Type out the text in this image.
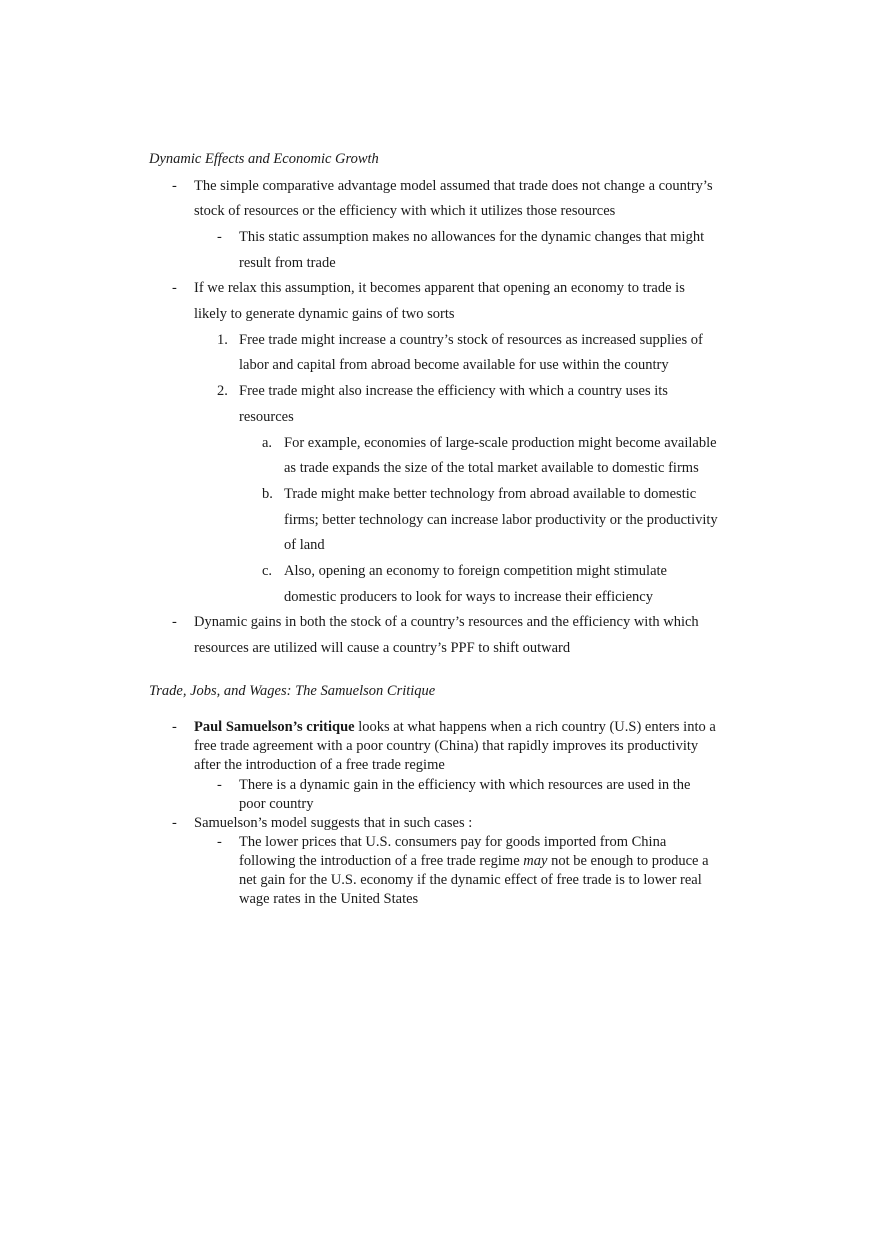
Dynamic Effects and Economic Growth
- The simple comparative advantage model assumed that trade does not change a country’s
stock of resources or the efficiency with which it utilizes those resources
- This static assumption makes no allowances for the dynamic changes that might
result from trade
- If we relax this assumption, it becomes apparent that opening an economy to trade is
likely to generate dynamic gains of two sorts
1. Free trade might increase a country’s stock of resources as increased supplies of
labor and capital from abroad become available for use within the country
2. Free trade might also increase the efficiency with which a country uses its
resources
a. For example, economies of large-scale production might become available
as trade expands the size of the total market available to domestic firms
b. Trade might make better technology from abroad available to domestic
firms; better technology can increase labor productivity or the productivity
of land
c. Also, opening an economy to foreign competition might stimulate
domestic producers to look for ways to increase their efficiency
- Dynamic gains in both the stock of a country’s resources and the efficiency with which
resources are utilized will cause a country’s PPF to shift outward
Trade, Jobs, and Wages: The Samuelson Critique
- Paul Samuelson’s critique looks at what happens when a rich country (U.S) enters into a
free trade agreement with a poor country (China) that rapidly improves its productivity
after the introduction of a free trade regime
- There is a dynamic gain in the efficiency with which resources are used in the
poor country
- Samuelson’s model suggests that in such cases :
- The lower prices that U.S. consumers pay for goods imported from China
following the introduction of a free trade regime may not be enough to produce a
net gain for the U.S. economy if the dynamic effect of free trade is to lower real
wage rates in the United States
